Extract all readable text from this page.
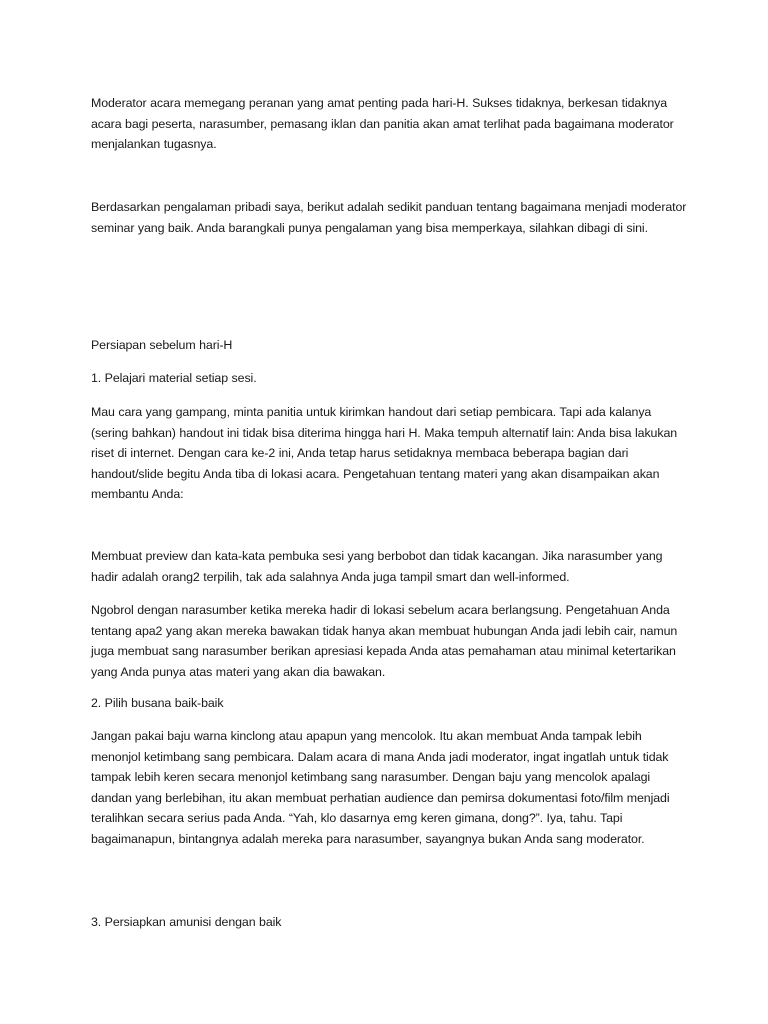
Moderator acara memegang peranan yang amat penting pada hari-H. Sukses tidaknya, berkesan tidaknya acara bagi peserta, narasumber, pemasang iklan dan panitia akan amat terlihat pada bagaimana moderator menjalankan tugasnya.

Berdasarkan pengalaman pribadi saya, berikut adalah sedikit panduan tentang bagaimana menjadi moderator seminar yang baik. Anda barangkali punya pengalaman yang bisa memperkaya, silahkan dibagi di sini.

Persiapan sebelum hari-H

1. Pelajari material setiap sesi.

Mau cara yang gampang, minta panitia untuk kirimkan handout dari setiap pembicara. Tapi ada kalanya (sering bahkan) handout ini tidak bisa diterima hingga hari H. Maka tempuh alternatif lain: Anda bisa lakukan riset di internet. Dengan cara ke-2 ini, Anda tetap harus setidaknya membaca beberapa bagian dari handout/slide begitu Anda tiba di lokasi acara. Pengetahuan tentang materi yang akan disampaikan akan membantu Anda:

Membuat preview dan kata-kata pembuka sesi yang berbobot dan tidak kacangan. Jika narasumber yang hadir adalah orang2 terpilih, tak ada salahnya Anda juga tampil smart dan well-informed.

Ngobrol dengan narasumber ketika mereka hadir di lokasi sebelum acara berlangsung. Pengetahuan Anda tentang apa2 yang akan mereka bawakan tidak hanya akan membuat hubungan Anda jadi lebih cair, namun juga membuat sang narasumber berikan apresiasi kepada Anda atas pemahaman atau minimal ketertarikan yang Anda punya atas materi yang akan dia bawakan.

2. Pilih busana baik-baik

Jangan pakai baju warna kinclong atau apapun yang mencolok. Itu akan membuat Anda tampak lebih menonjol ketimbang sang pembicara. Dalam acara di mana Anda jadi moderator, ingat ingatlah untuk tidak tampak lebih keren secara menonjol ketimbang sang narasumber. Dengan baju yang mencolok apalagi dandan yang berlebihan, itu akan membuat perhatian audience dan pemirsa dokumentasi foto/film menjadi teralihkan secara serius pada Anda. “Yah, klo dasarnya emg keren gimana, dong?”. Iya, tahu. Tapi bagaimanapun, bintangnya adalah mereka para narasumber, sayangnya bukan Anda sang moderator.

3. Persiapkan amunisi dengan baik
